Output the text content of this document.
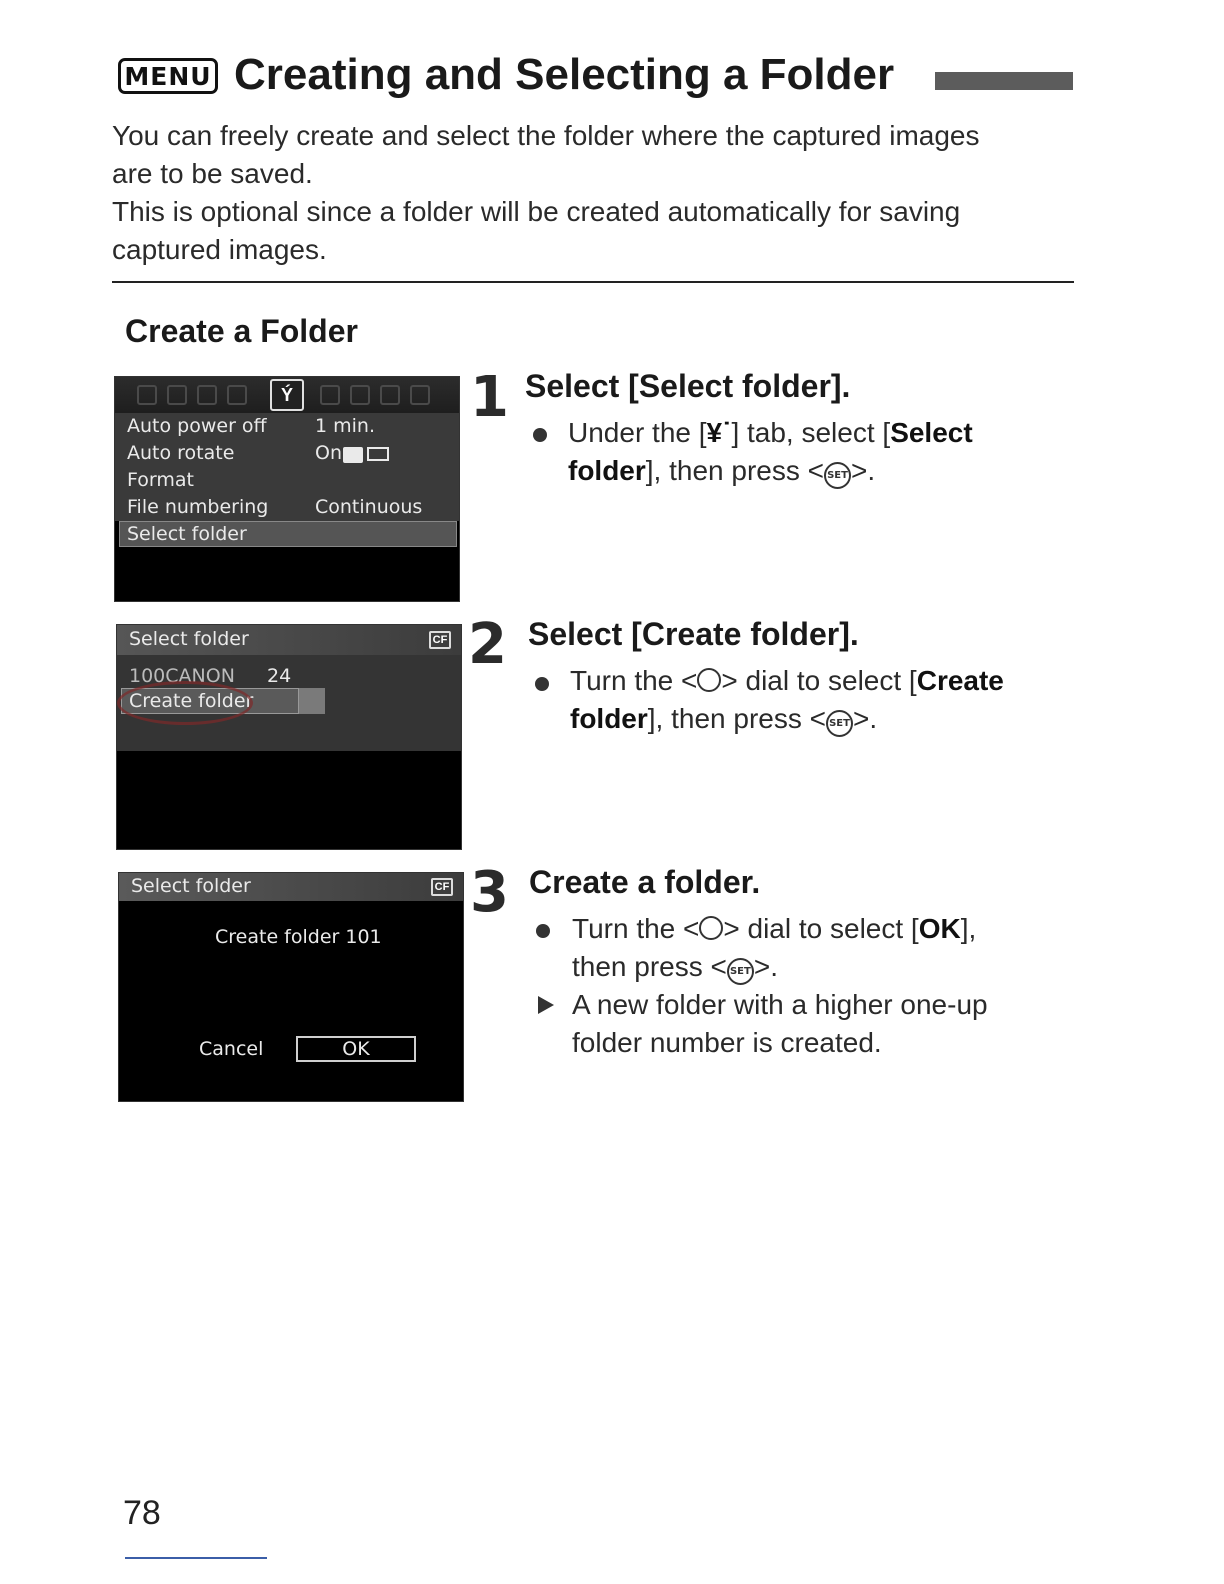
MENU Creating and Selecting a Folder
You can freely create and select the folder where the captured images
are to be saved.
This is optional since a folder will be created automatically for saving
captured images.
Create a Folder
Ý
Auto power off	1 min.
Auto rotate	On
Format
File numbering Continuous
Select folder
Select folder	CF
100CANON 24
Create folder
Select folder	CF
Create folder 101
Cancel	OK
1 Select [Select folder].
Under the [¥˙] tab, select [Select
folder], then press < SET >.
2 Select [Create folder].
Turn the < > dial to select [Create
folder], then press < SET >.
3 Create a folder.
Turn the < > dial to select [OK],
then press < SET >.
A new folder with a higher one-up
folder number is created.
78
